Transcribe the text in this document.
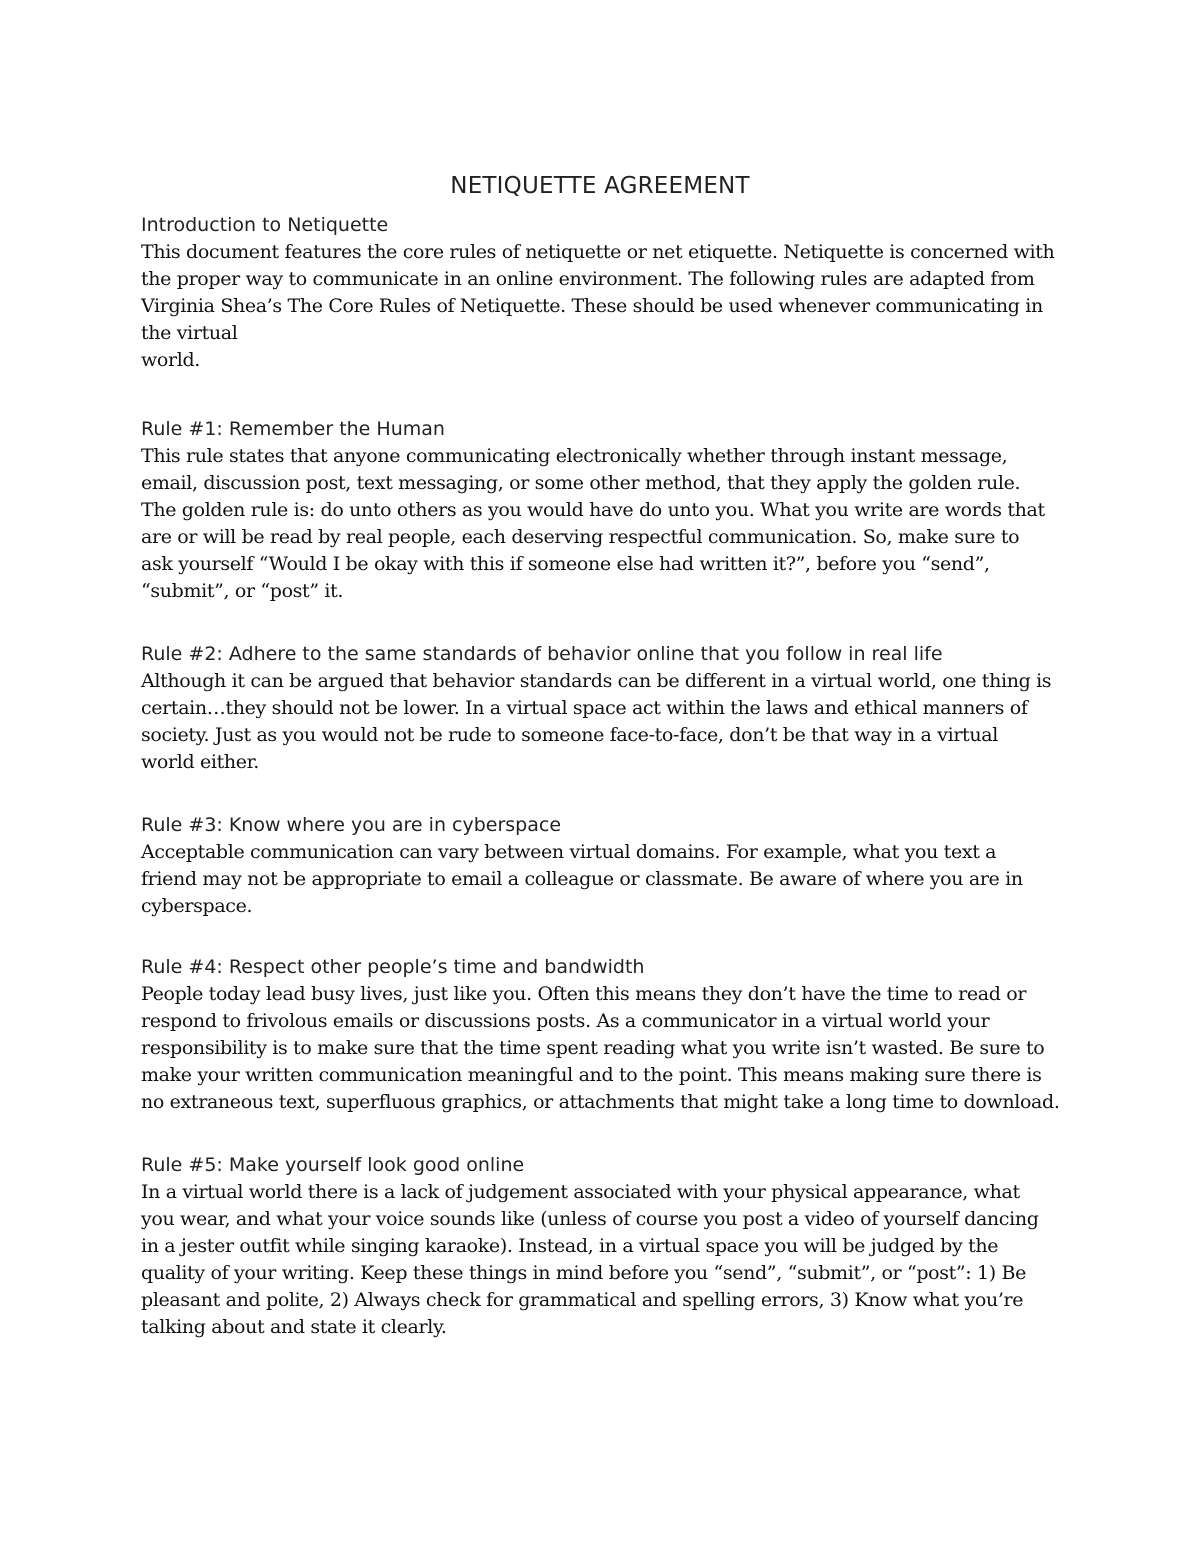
NETIQUETTE AGREEMENT
Introduction to Netiquette

This document features the core rules of netiquette or net etiquette. Netiquette is concerned with

the proper way to communicate in an online environment. The following rules are adapted from

Virginia Shea’s The Core Rules of Netiquette. These should be used whenever communicating in

the virtual

world.

Rule #1: Remember the Human

This rule states that anyone communicating electronically whether through instant message,

email, discussion post, text messaging, or some other method, that they apply the golden rule.

The golden rule is: do unto others as you would have do unto you. What you write are words that

are or will be read by real people, each deserving respectful communication. So, make sure to

ask yourself “Would I be okay with this if someone else had written it?”, before you “send”,

“submit”, or “post” it.

Rule #2: Adhere to the same standards of behavior online that you follow in real life

Although it can be argued that behavior standards can be different in a virtual world, one thing is

certain…they should not be lower. In a virtual space act within the laws and ethical manners of

society. Just as you would not be rude to someone face-to-face, don’t be that way in a virtual

world either.

Rule #3: Know where you are in cyberspace

Acceptable communication can vary between virtual domains. For example, what you text a

friend may not be appropriate to email a colleague or classmate. Be aware of where you are in

cyberspace.

Rule #4: Respect other people’s time and bandwidth

People today lead busy lives, just like you. Often this means they don’t have the time to read or

respond to frivolous emails or discussions posts. As a communicator in a virtual world your

responsibility is to make sure that the time spent reading what you write isn’t wasted. Be sure to

make your written communication meaningful and to the point. This means making sure there is

no extraneous text, superfluous graphics, or attachments that might take a long time to download.

Rule #5: Make yourself look good online

In a virtual world there is a lack of judgement associated with your physical appearance, what

you wear, and what your voice sounds like (unless of course you post a video of yourself dancing

in a jester outfit while singing karaoke). Instead, in a virtual space you will be judged by the

quality of your writing. Keep these things in mind before you “send”, “submit”, or “post”: 1) Be

pleasant and polite, 2) Always check for grammatical and spelling errors, 3) Know what you’re

talking about and state it clearly.
